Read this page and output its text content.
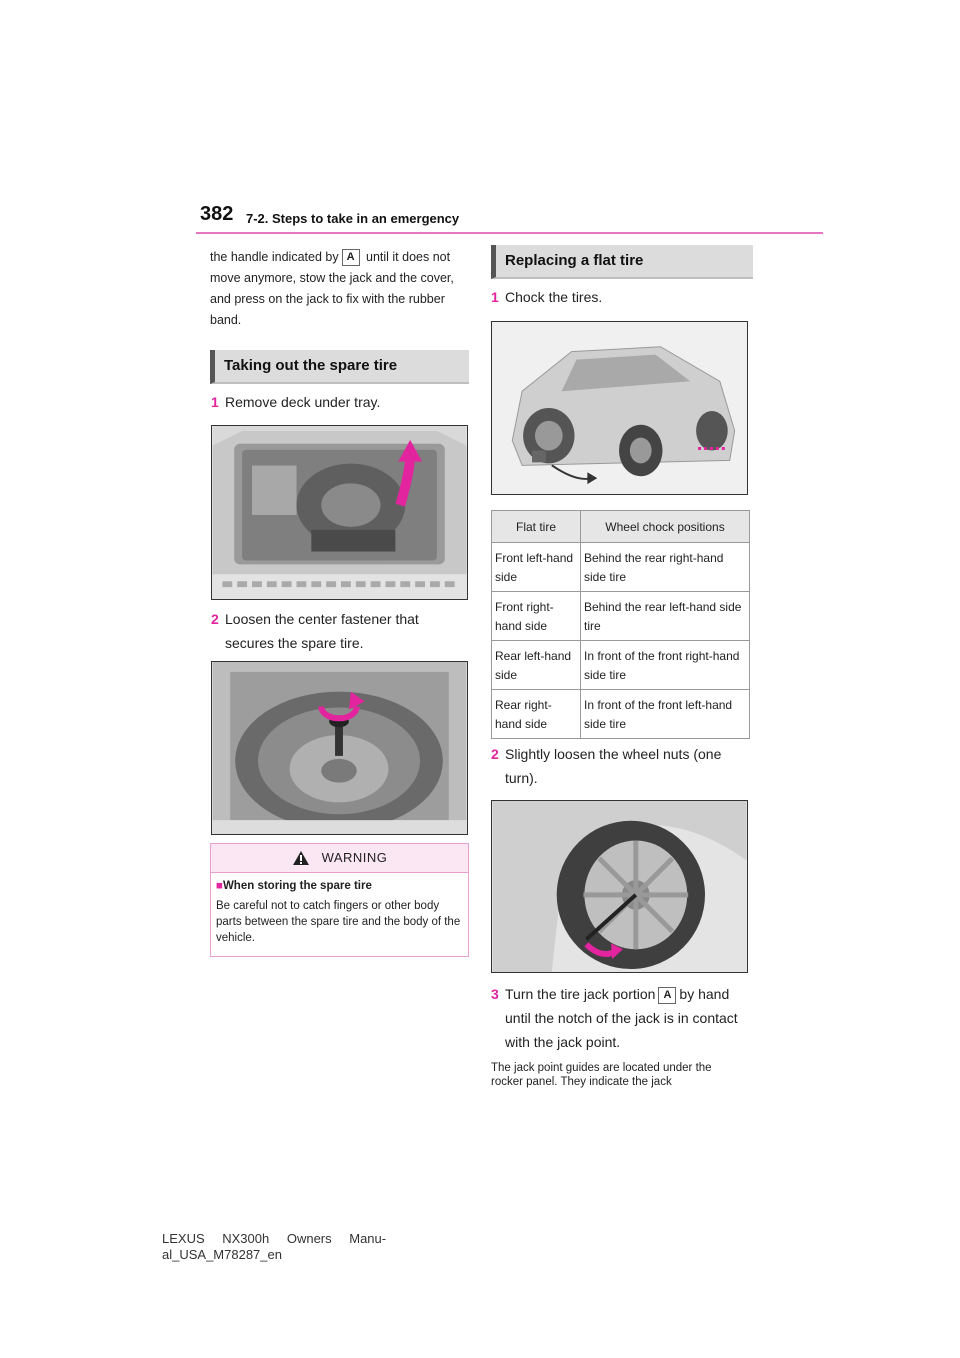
382 7-2. Steps to take in an emergency
the handle indicated by A until it does not move anymore, stow the jack and the cover, and press on the jack to fix with the rubber band.
Taking out the spare tire
1 Remove deck under tray.
2 Loosen the center fastener that secures the spare tire.
WARNING
■When storing the spare tire
Be careful not to catch fingers or other body parts between the spare tire and the body of the vehicle.
Replacing a flat tire
1 Chock the tires.
Flat tire	Wheel chock positions
Front left-hand side	Behind the rear right-hand side tire
Front right-hand side	Behind the rear left-hand side tire
Rear left-hand side	In front of the front right-hand side tire
Rear right-hand side	In front of the front left-hand side tire
2 Slightly loosen the wheel nuts (one turn).
3 Turn the tire jack portion A by hand until the notch of the jack is in contact with the jack point.
The jack point guides are located under the rocker panel. They indicate the jack
LEXUS NX300h Owners Manu-
al_USA_M78287_en
